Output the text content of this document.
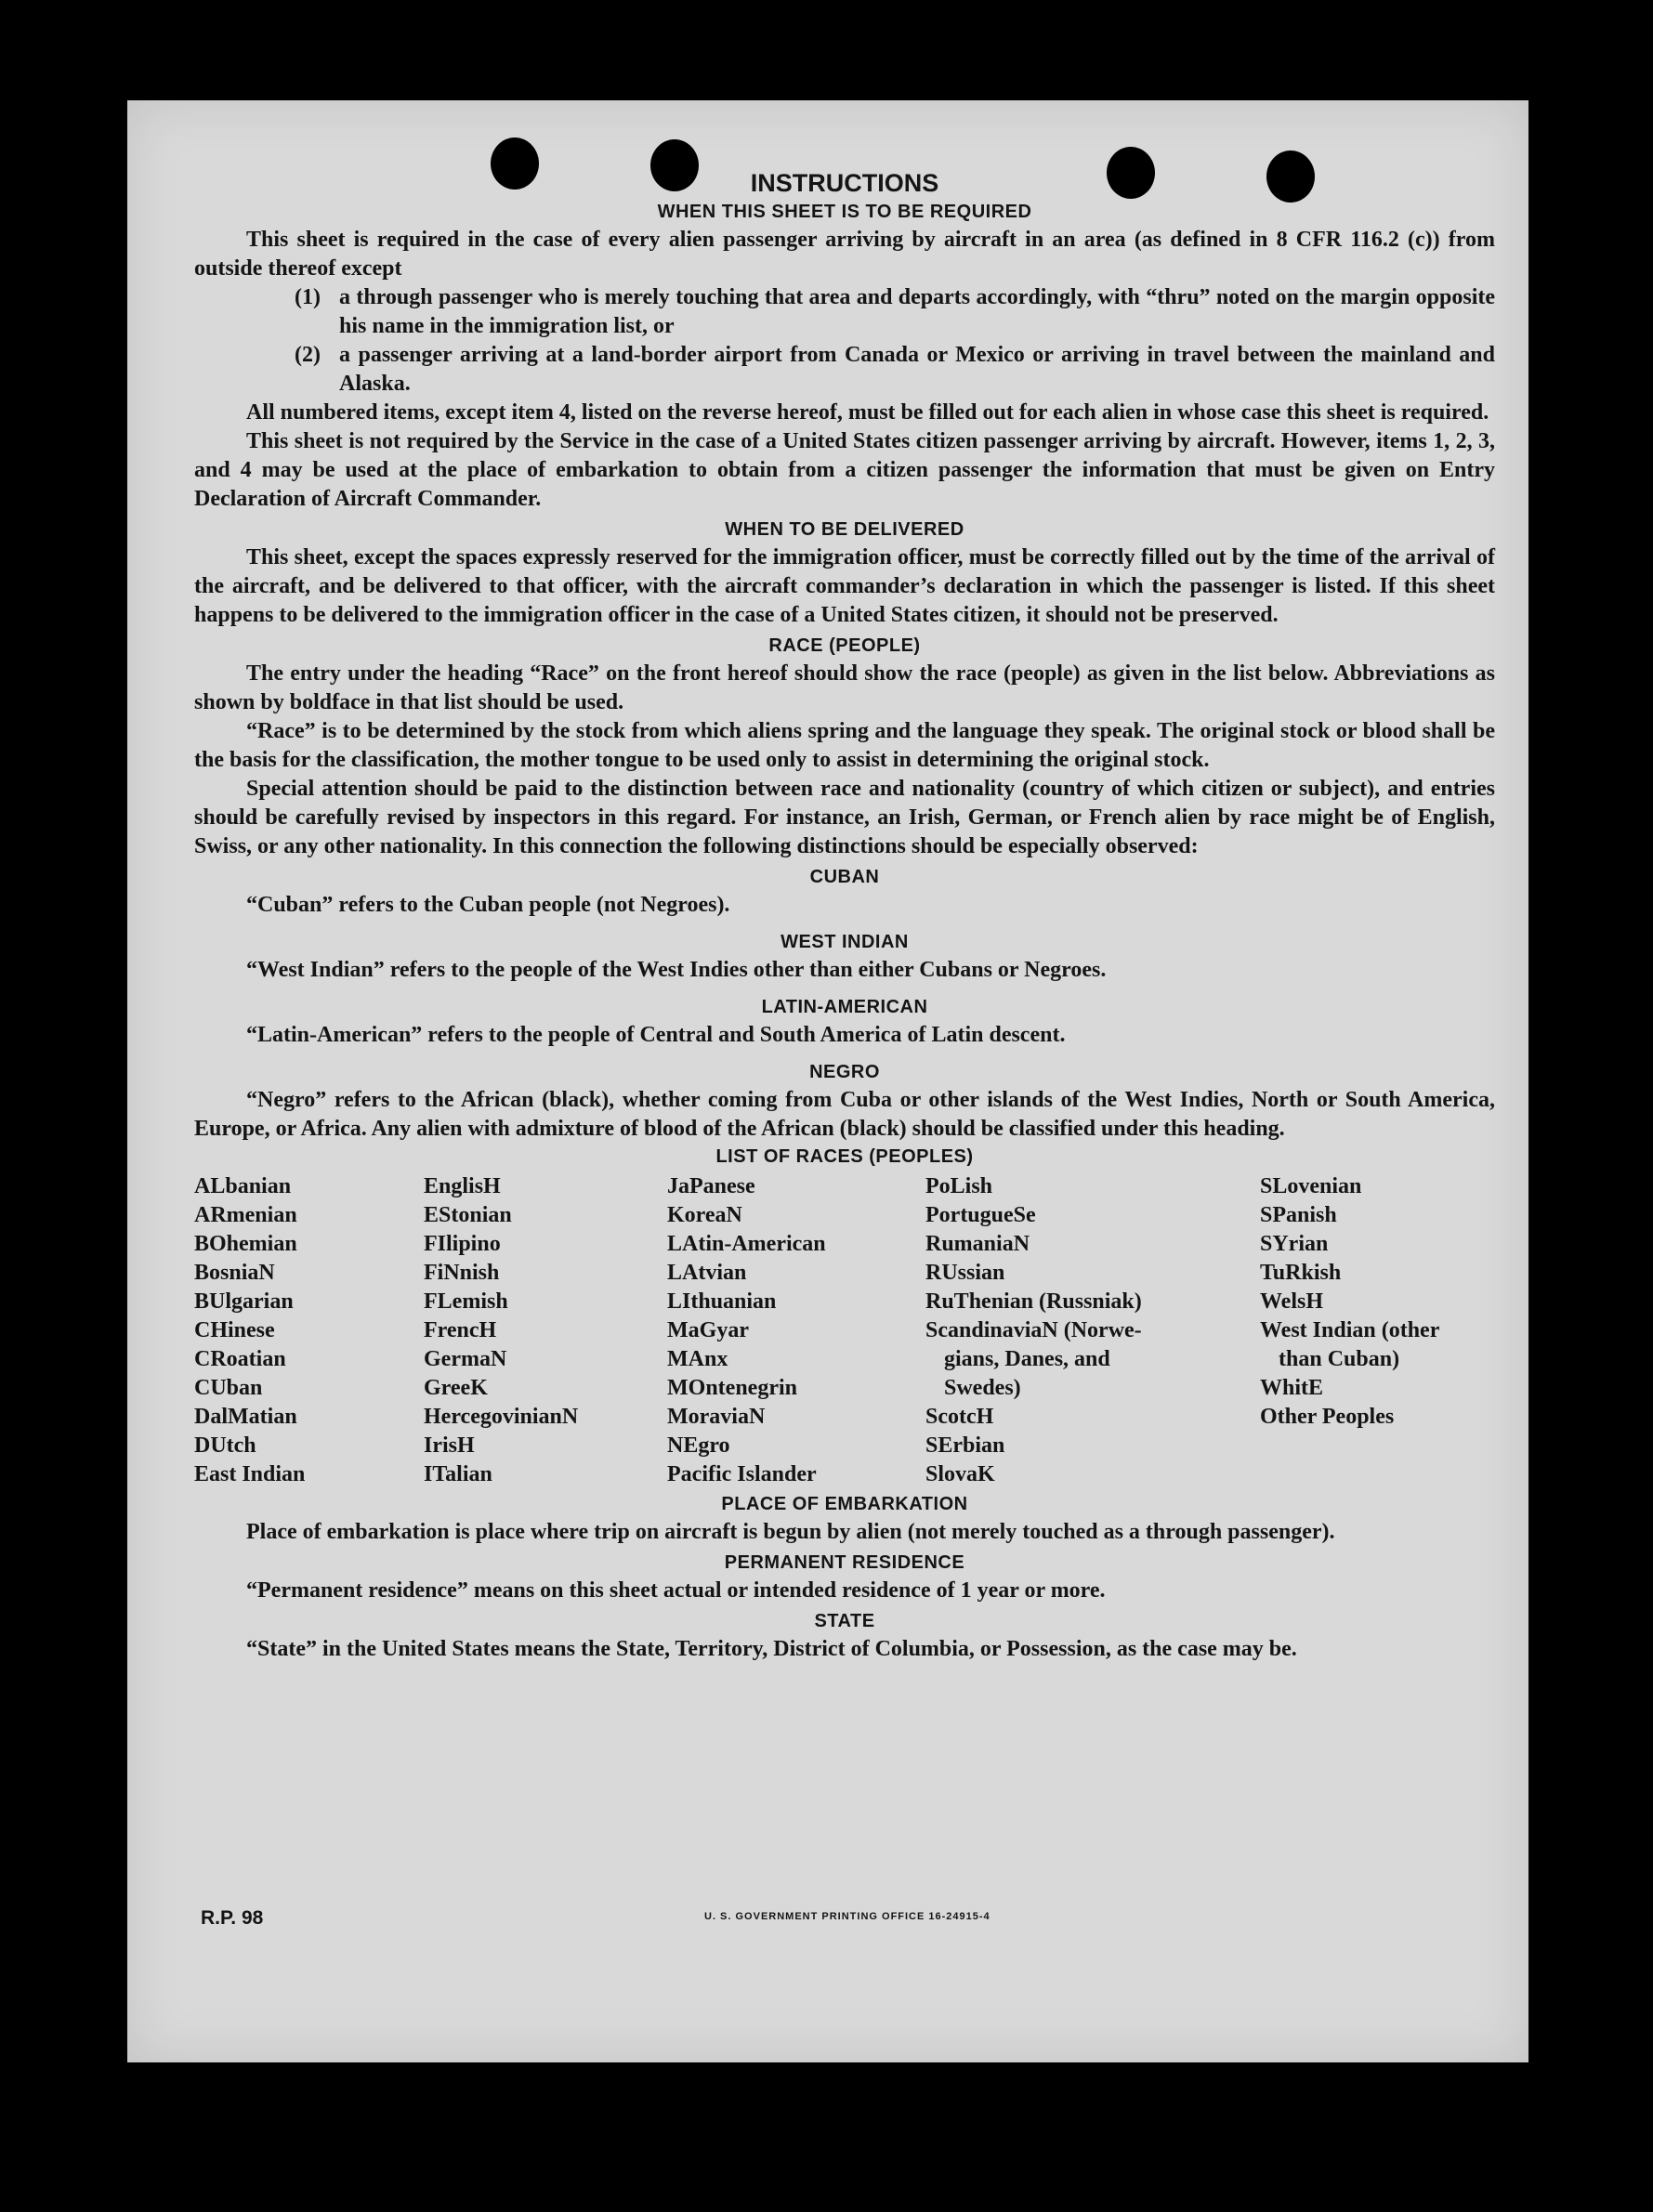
INSTRUCTIONS

WHEN THIS SHEET IS TO BE REQUIRED

This sheet is required in the case of every alien passenger arriving by aircraft in an area (as defined in 8 CFR 116.2 (c)) from outside thereof except

(1) a through passenger who is merely touching that area and departs accordingly, with “thru” noted on the margin opposite his name in the immigration list, or
(2) a passenger arriving at a land-border airport from Canada or Mexico or arriving in travel between the mainland and Alaska.

All numbered items, except item 4, listed on the reverse hereof, must be filled out for each alien in whose case this sheet is required.

This sheet is not required by the Service in the case of a United States citizen passenger arriving by aircraft. However, items 1, 2, 3, and 4 may be used at the place of embarkation to obtain from a citizen passenger the information that must be given on Entry Declaration of Aircraft Commander.

WHEN TO BE DELIVERED

This sheet, except the spaces expressly reserved for the immigration officer, must be correctly filled out by the time of the arrival of the aircraft, and be delivered to that officer, with the aircraft commander’s declaration in which the passenger is listed. If this sheet happens to be delivered to the immigration officer in the case of a United States citizen, it should not be preserved.

RACE (PEOPLE)

The entry under the heading “Race” on the front hereof should show the race (people) as given in the list below. Abbreviations as shown by boldface in that list should be used.

“Race” is to be determined by the stock from which aliens spring and the language they speak. The original stock or blood shall be the basis for the classification, the mother tongue to be used only to assist in determining the original stock.

Special attention should be paid to the distinction between race and nationality (country of which citizen or subject), and entries should be carefully revised by inspectors in this regard. For instance, an Irish, German, or French alien by race might be of English, Swiss, or any other nationality. In this connection the following distinctions should be especially observed:

CUBAN

“Cuban” refers to the Cuban people (not Negroes).

WEST INDIAN

“West Indian” refers to the people of the West Indies other than either Cubans or Negroes.

LATIN-AMERICAN

“Latin-American” refers to the people of Central and South America of Latin descent.

NEGRO

“Negro” refers to the African (black), whether coming from Cuba or other islands of the West Indies, North or South America, Europe, or Africa. Any alien with admixture of blood of the African (black) should be classified under this heading.

LIST OF RACES (PEOPLES)

ALbanian
ARmenian
BOhemian
BosniaN
BUlgarian
CHinese
CRoatian
CUban
DalMatian
DUtch
East Indian
EnglisH
EStonian
FIlipino
FiNnish
FLemish
FrencH
GermaN
GreeK
HercegovinianN
IrisH
ITalian
JaPanese
KoreaN
LAtin-American
LAtvian
LIthuanian
MaGyar
MAnx
MOntenegrin
MoraviaN
NEgro
Pacific Islander
PoLish
PortugueSe
RumaniaN
RUssian
RuThenian (Russniak)
ScandinaviaN (Norwe-
gians, Danes, and
Swedes)
ScotcH
SErbian
SlovaK
SLovenian
SPanish
SYrian
TuRkish
WelsH
West Indian (other
than Cuban)
WhitE
Other Peoples

PLACE OF EMBARKATION

Place of embarkation is place where trip on aircraft is begun by alien (not merely touched as a through passenger).

PERMANENT RESIDENCE

“Permanent residence” means on this sheet actual or intended residence of 1 year or more.

STATE

“State” in the United States means the State, Territory, District of Columbia, or Possession, as the case may be.

R.P. 98	U. S. GOVERNMENT PRINTING OFFICE 16-24915-4
